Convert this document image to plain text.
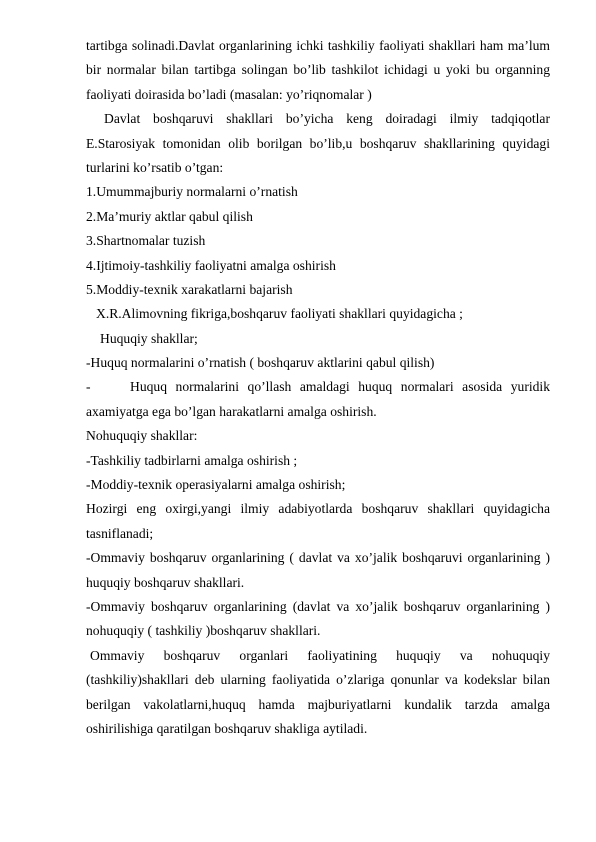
tartibga solinadi.Davlat organlarining ichki tashkiliy faoliyati shakllari ham ma’lum
bir normalar bilan tartibga solingan bo’lib tashkilot ichidagi u yoki bu organning
faoliyati doirasida bo’ladi (masalan: yo’riqnomalar )
Davlat boshqaruvi shakllari bo’yicha keng doiradagi ilmiy tadqiqotlar
E.Starosiyak tomonidan olib borilgan bo’lib,u boshqaruv shakllarining quyidagi
turlarini ko’rsatib o’tgan:
1.Umummajburiy normalarni o’rnatish
2.Ma’muriy aktlar qabul qilish
3.Shartnomalar tuzish
4.Ijtimoiy-tashkiliy faoliyatni amalga oshirish
5.Moddiy-texnik xarakatlarni bajarish
X.R.Alimovning fikriga,boshqaruv faoliyati shakllari quyidagicha ;
Huquqiy shakllar;
-Huquq normalarini o’rnatish ( boshqaruv aktlarini qabul qilish)
-	Huquq normalarini qo’llash amaldagi huquq normalari asosida yuridik
axamiyatga ega bo’lgan harakatlarni amalga oshirish.
Nohuquqiy shakllar:
-Tashkiliy tadbirlarni amalga oshirish ;
-Moddiy-texnik operasiyalarni amalga oshirish;
Hozirgi eng oxirgi,yangi ilmiy adabiyotlarda boshqaruv shakllari quyidagicha
tasniflanadi;
-Ommaviy boshqaruv organlarining ( davlat va xo’jalik boshqaruvi organlarining )
huquqiy boshqaruv shakllari.
-Ommaviy boshqaruv organlarining (davlat va xo’jalik boshqaruv organlarining )
nohuquqiy ( tashkiliy )boshqaruv shakllari.
Ommaviy boshqaruv organlari faoliyatining huquqiy va nohuquqiy
(tashkiliy)shakllari deb ularning faoliyatida o’zlariga qonunlar va kodekslar bilan
berilgan vakolatlarni,huquq hamda majburiyatlarni kundalik tarzda amalga
oshirilishiga qaratilgan boshqaruv shakliga aytiladi.
